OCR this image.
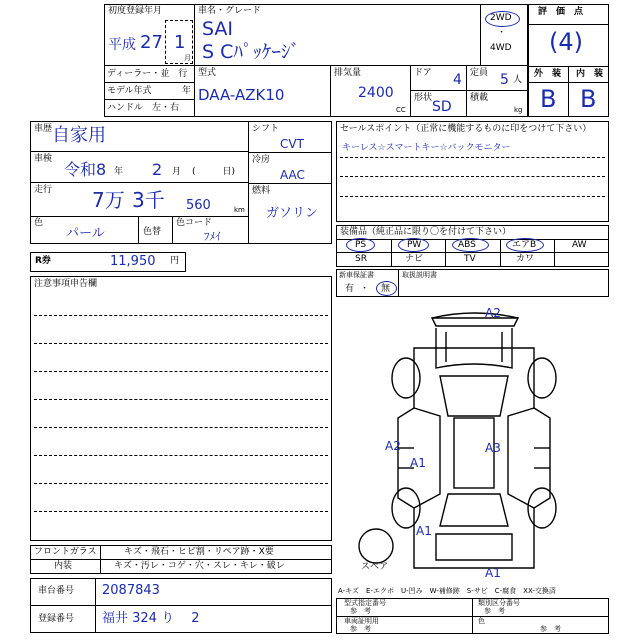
初度登録年月
平成 27 1
月
車名・グレード
SAI
S Cﾊﾟｯｹｰｼﾞ
2WD
・
4WD
評　価　点
(4)
外　装 内　装
B B
ディーラー・並　行
モデル年式	年
ハンドル　左・右
型式
DAA-AZK10
排気量
2400
CC
ドア 4 定員 5 人
形状
SD
積載
kg
車歴 自家用
車検
令和8 年 2 月 (　　　日)
走行 7万 3千 560	km
色
パール	色替
色コード
ﾌﾒｲ
シフト
CVT
冷房
AAC
燃料
ガソリン
R券	11,950 円
セールスポイント（正常に機能するものに印をつけて下さい）
キーレス☆スマートキー☆バックモニター
装備品（純正品に限り〇を付けて下さい）
PS	PW	ABS	エアB	AW
SR	ナビ	TV	カワ
新車保証書
有 ・ 無
取扱説明書
注意事項申告欄
A2
A2
A1
A3
A1
A1
スペア
A-キズ　E-エクボ　U-凹み　W-補修跡　S-サビ　C-腐食　XX-交換済
フロントガラス	キズ・飛石・ヒビ割・リペア跡・X要
内装	キズ・汚レ・コゲ・穴・スレ・キレ・破レ
車台番号 2087843
登録番号 福井 324 り　 2
型式指定番号
参　考
類別区分番号
参　考
車両証明用
参　考
色
参　考
